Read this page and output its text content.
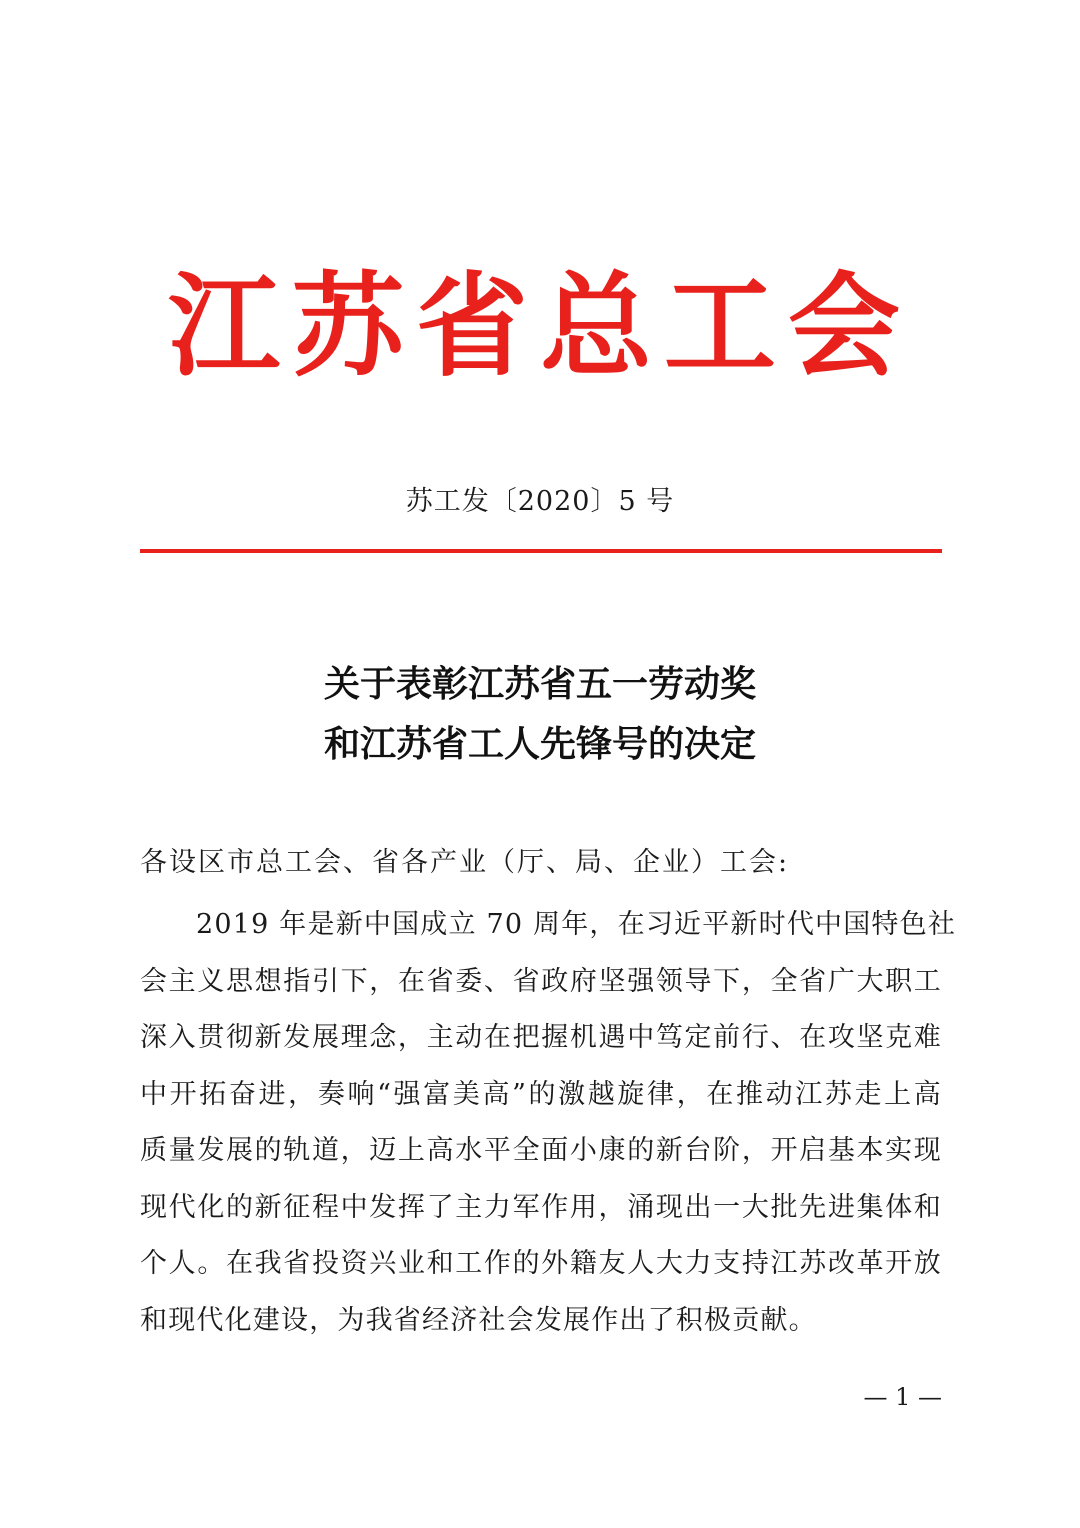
江苏省总工会
苏工发〔2020〕5 号
关于表彰江苏省五一劳动奖
和江苏省工人先锋号的决定
各设区市总工会、省各产业（厅、局、企业）工会:
2019 年是新中国成立 70 周年，在习近平新时代中国特色社
会主义思想指引下，在省委、省政府坚强领导下，全省广大职工
深入贯彻新发展理念，主动在把握机遇中笃定前行、在攻坚克难
中开拓奋进，奏响“强富美高”的激越旋律，在推动江苏走上高
质量发展的轨道，迈上高水平全面小康的新台阶，开启基本实现
现代化的新征程中发挥了主力军作用，涌现出一大批先进集体和
个人。在我省投资兴业和工作的外籍友人大力支持江苏改革开放
和现代化建设，为我省经济社会发展作出了积极贡献。
— 1 —
